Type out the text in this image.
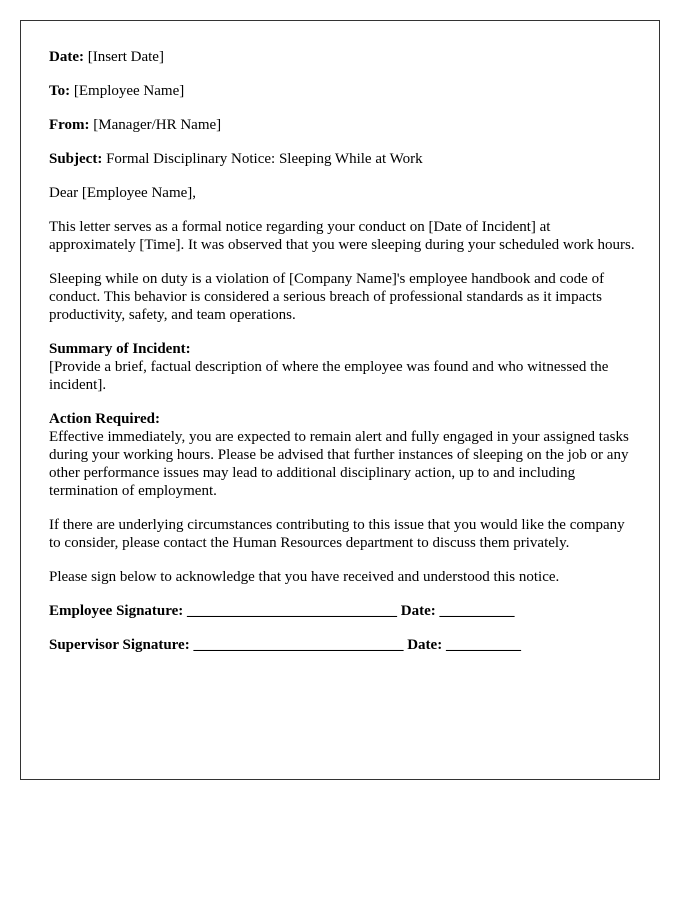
Date: [Insert Date]

To: [Employee Name]

From: [Manager/HR Name]

Subject: Formal Disciplinary Notice: Sleeping While at Work

Dear [Employee Name],

This letter serves as a formal notice regarding your conduct on [Date of Incident] at approximately [Time]. It was observed that you were sleeping during your scheduled work hours.

Sleeping while on duty is a violation of [Company Name]'s employee handbook and code of conduct. This behavior is considered a serious breach of professional standards as it impacts productivity, safety, and team operations.

Summary of Incident:
[Provide a brief, factual description of where the employee was found and who witnessed the incident].
Action Required:
Effective immediately, you are expected to remain alert and fully engaged in your assigned tasks during your working hours. Please be advised that further instances of sleeping on the job or any other performance issues may lead to additional disciplinary action, up to and including termination of employment.

If there are underlying circumstances contributing to this issue that you would like the company to consider, please contact the Human Resources department to discuss them privately.

Please sign below to acknowledge that you have received and understood this notice.

Employee Signature: ____________________________ Date: __________

Supervisor Signature: ____________________________ Date: __________
